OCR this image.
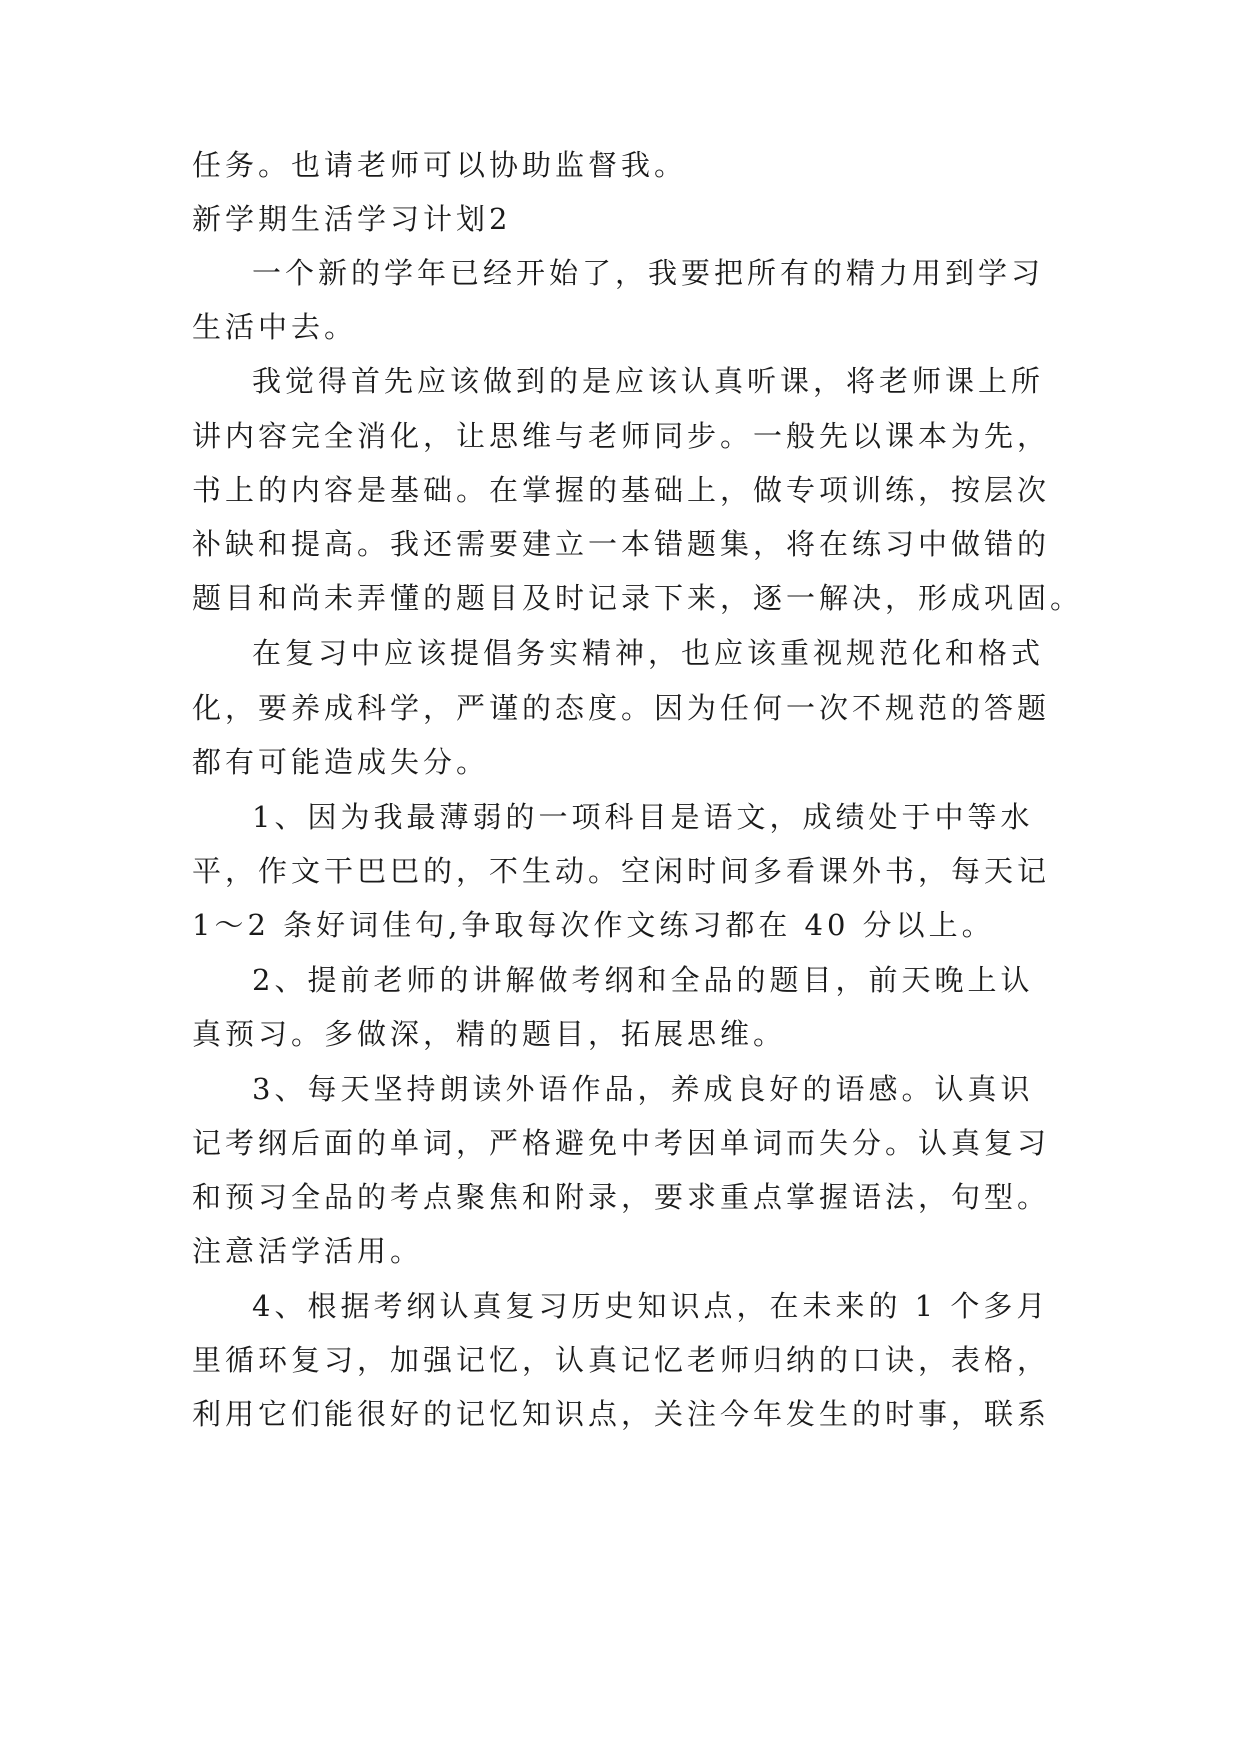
任务。也请老师可以协助监督我。
新学期生活学习计划2
一个新的学年已经开始了，我要把所有的精力用到学习
生活中去。
我觉得首先应该做到的是应该认真听课，将老师课上所
讲内容完全消化，让思维与老师同步。一般先以课本为先，
书上的内容是基础。在掌握的基础上，做专项训练，按层次
补缺和提高。我还需要建立一本错题集，将在练习中做错的
题目和尚未弄懂的题目及时记录下来，逐一解决，形成巩固。
在复习中应该提倡务实精神，也应该重视规范化和格式
化，要养成科学，严谨的态度。因为任何一次不规范的答题
都有可能造成失分。
1、因为我最薄弱的一项科目是语文，成绩处于中等水
平，作文干巴巴的，不生动。空闲时间多看课外书，每天记
1～2 条好词佳句,争取每次作文练习都在 40 分以上。
2、提前老师的讲解做考纲和全品的题目，前天晚上认
真预习。多做深，精的题目，拓展思维。
3、每天坚持朗读外语作品，养成良好的语感。认真识
记考纲后面的单词，严格避免中考因单词而失分。认真复习
和预习全品的考点聚焦和附录，要求重点掌握语法，句型。
注意活学活用。
4、根据考纲认真复习历史知识点，在未来的 1 个多月
里循环复习，加强记忆，认真记忆老师归纳的口诀，表格，
利用它们能很好的记忆知识点，关注今年发生的时事，联系
